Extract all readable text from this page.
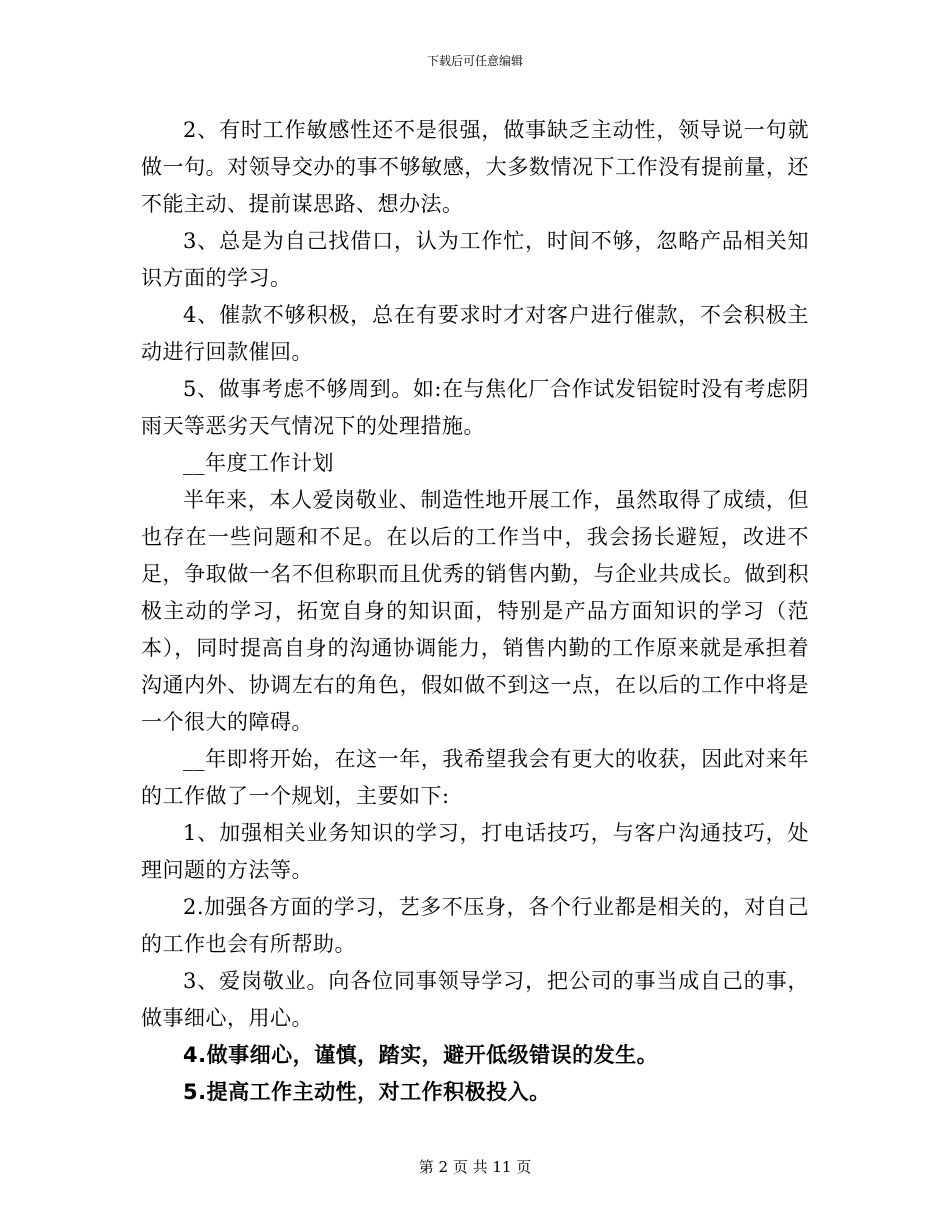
下载后可任意编辑

2、有时工作敏感性还不是很强，做事缺乏主动性，领导说一句就做一句。对领导交办的事不够敏感，大多数情况下工作没有提前量，还不能主动、提前谋思路、想办法。

3、总是为自己找借口，认为工作忙，时间不够，忽略产品相关知识方面的学习。

4、催款不够积极，总在有要求时才对客户进行催款，不会积极主动进行回款催回。

5、做事考虑不够周到。如:在与焦化厂合作试发铝锭时没有考虑阴雨天等恶劣天气情况下的处理措施。

__年度工作计划

半年来，本人爱岗敬业、制造性地开展工作，虽然取得了成绩，但也存在一些问题和不足。在以后的工作当中，我会扬长避短，改进不足，争取做一名不但称职而且优秀的销售内勤，与企业共成长。做到积极主动的学习，拓宽自身的知识面，特别是产品方面知识的学习（范本），同时提高自身的沟通协调能力，销售内勤的工作原来就是承担着沟通内外、协调左右的角色，假如做不到这一点，在以后的工作中将是一个很大的障碍。

__年即将开始，在这一年，我希望我会有更大的收获，因此对来年的工作做了一个规划，主要如下:

1、加强相关业务知识的学习，打电话技巧，与客户沟通技巧，处理问题的方法等。

2.加强各方面的学习，艺多不压身，各个行业都是相关的，对自己的工作也会有所帮助。

3、爱岗敬业。向各位同事领导学习，把公司的事当成自己的事，做事细心，用心。

4.做事细心，谨慎，踏实，避开低级错误的发生。

5.提高工作主动性，对工作积极投入。

第 2 页 共 11 页
